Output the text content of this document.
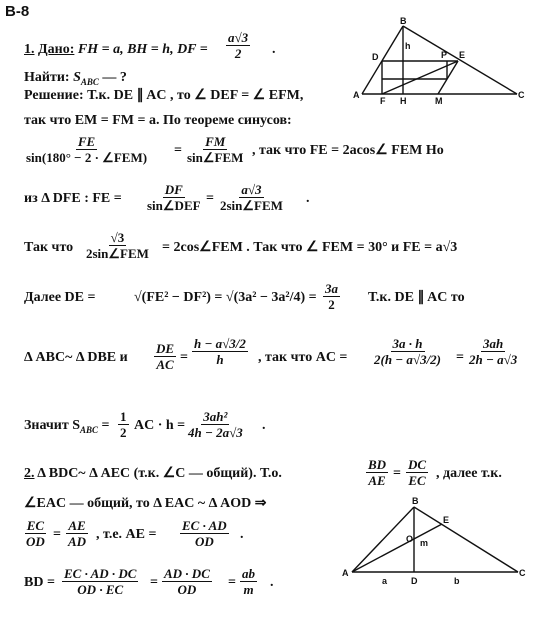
B-8
1. Дано: FH = a, BH = h, DF = $\frac{a√3}{2}$ .
Найти: $S_{ABC}$ — ?
Решение: Т.к. DE ∥ AC , то ∠ DEF = ∠ EFM,
так что EM = FM = a. По теореме синусов:
FE
sin(180° − 2 · ∠FEM) =
FM
sin∠FEM , так что FE = 2acos∠ FEM Но
из Δ DFE : FE =
DF
sin∠DEF =
a√3
2sin∠FEM .
Так что
√3
2sin∠FEM = 2cos∠FEM . Так что ∠ FEM = 30° и FE = a√3
Далее DE =	$√(FE^2 - DF^2) = √(3a^2 - 3a^2/4) = \frac{3a}{2} Т.к$. DE ∥ AC то
Δ ABC~ Δ DBE и $\frac{DE}{AC} = \frac{h - a√3/2}{h}$ , так что AC = $\frac{3a \cdot h}{2(h - a√3/2)} = \frac{3ah}{2h - a√3}$
Значит $S_{ABC} = \frac{1}{2}$ AC · $h = \frac{\text{3ah²}}{4h - 2a√3}$ .
2. Δ BDC~ Δ AEC (т.к. ∠C — общий). Т.о.	$\frac{BD}{AE} = \frac{DC}{EC}$ , далее т.к.
∠EAC — общий, то Δ EAC ~ Δ AOD ⇒
$\frac{EC}{OD} = \frac{AE}{AD}$ , т.е. AE = $\frac{EC \cdot AD}{OD}$ .
BD = $\frac{EC \cdot AD \cdot DC}{OD \cdot EC} = \frac{AD \cdot DC}{OD} = \frac{ab}{m}$ .
B
D
h
P E
A
F H	M
C
B
E
O m
A
a	D	b
C
